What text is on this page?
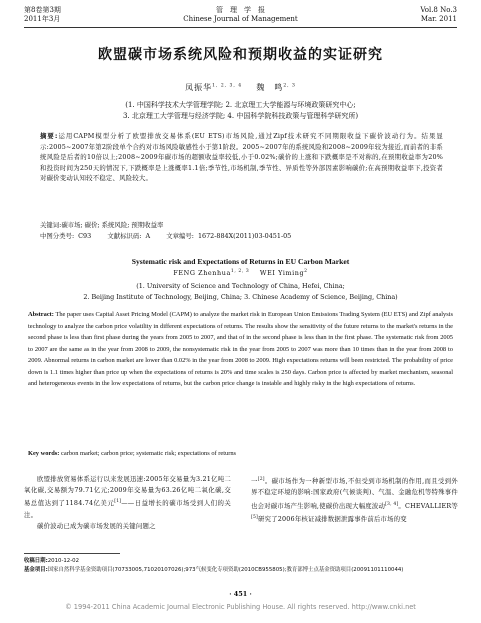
第8卷第3期
2011年3月
管　理　学　报
Chinese Journal of Management
Vol.8 No.3
Mar. 2011
欧盟碳市场系统风险和预期收益的实证研究
凤振华$^{1, 2, 3, 4}$ 魏　鸣$^{2, 3}$
(1. 中国科学技术大学管理学院; 2. 北京理工大学能源与环境政策研究中心;
3. 北京理工大学管理与经济学院; 4. 中国科学院科技政策与管理科学研究所)
摘要:运用CAPM模型分析了欧盟排放交易体系(EU ETS)市场风险,通过Zipf技术研究不同期限收益下碳价波动行为。结果显示:2005~2007年第2阶段单个合约对市场风险敏感性小于第1阶段。2005~2007年的系统风险和2008~2009年较为接近,而前者的非系统风险是后者的10倍以上;2008~2009年碳市场的超额收益率较低,小于0.02%;碳价的上涨和下跌概率是不对称的,在预期收益率为20%和投资时间为250天的情况下,下跌概率是上涨概率1.1倍;季节性,市场机制,季节性、异质性等外部因素影响碳价;在高预期收益率下,投资者对碳价变动认知较不稳定、风险较大。
关键词:碳市场; 碳价; 系统风险; 预期收益率
中图分类号: C93	文献标识码: A	文章编号: 1672-884X(2011)03-0451-05
Systematic risk and Expectations of Returns in EU Carbon Market
FENG Zhenhua$^{1, 2, 3}$ WEI Yiming$^2$
(1. University of Science and Technology of China, Hefei, China;
2. Beijing Institute of Technology, Beijing, China; 3. Chinese Academy of Science, Beijing, China)
Abstract: The paper uses Capital Asset Pricing Model (CAPM) to analyze the market risk in European Union Emissions Trading System (EU ETS) and Zipf analysis technology to analyze the carbon price volatility in different expectations of returns. The results show the sensitivity of the future returns to the market's returns in the second phase is less than first phase during the years from 2005 to 2007, and that of in the second phase is less than in the first phase. The systematic risk from 2005 to 2007 are the same as in the year from 2008 to 2009, the nonsystematic risk in the year from 2005 to 2007 was more than 10 times than in the year from 2008 to 2009. Abnormal returns in carbon market are lower than 0.02% in the year from 2008 to 2009. High expectations returns will been restricted. The probability of price down is 1.1 times higher than price up when the expectations of returns is 20% and time scales is 250 days. Carbon price is affected by market mechanism, seasonal and heterogeneous events in the low expectations of returns, but the carbon price change is instable and highly risky in the high expectations of returns.
Key words: carbon market; carbon price; systematic risk; expectations of returns

欧盟排放贸易体系运行以来发展迅速:2005年交易量为3.21亿吨二氧化碳,交易额为79.71亿元;2009年交易量为63.26亿吨二氧化碳,交易总值达到了1184.74亿美元[1]——日益增长的碳市场受到人们的关注。

碳价波动已成为碳市场发展的关键问题之

一[2]。碳市场作为一种新型市场,不但受到市场机制的作用,而且受到外界不稳定环境的影响:国家政府(气候谈判)、气温、金融危机等特殊事件也会对碳市场产生影响,使碳价出现大幅度波动[3, 4]。CHEVALLIER等[5]研究了2006年核证减排数据泄露事件前后市场的变

收稿日期:2010-12-02
基金项目:国家自然科学基金资助项目(70733005,71020107026);973气候变化专项资助(2010CB955805);教育部博士点基金资助项目(20091101110044)
· 451 ·
© 1994-2011 China Academic Journal Electronic Publishing House. All rights reserved. http://www.cnki.net
